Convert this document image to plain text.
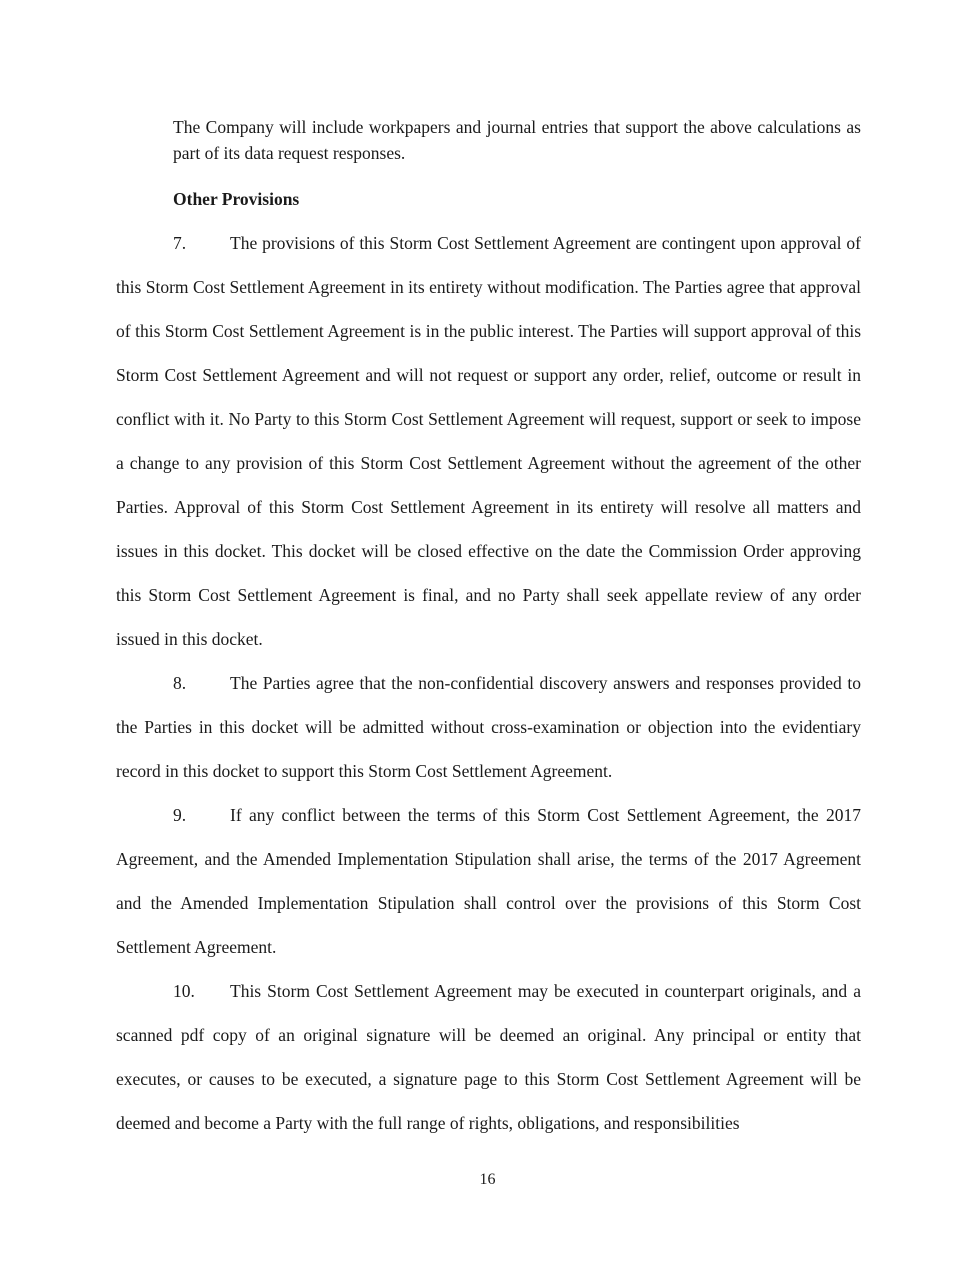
The Company will include workpapers and journal entries that support the above calculations as part of its data request responses.

Other Provisions

7.	The provisions of this Storm Cost Settlement Agreement are contingent upon approval of this Storm Cost Settlement Agreement in its entirety without modification. The Parties agree that approval of this Storm Cost Settlement Agreement is in the public interest. The Parties will support approval of this Storm Cost Settlement Agreement and will not request or support any order, relief, outcome or result in conflict with it. No Party to this Storm Cost Settlement Agreement will request, support or seek to impose a change to any provision of this Storm Cost Settlement Agreement without the agreement of the other Parties. Approval of this Storm Cost Settlement Agreement in its entirety will resolve all matters and issues in this docket. This docket will be closed effective on the date the Commission Order approving this Storm Cost Settlement Agreement is final, and no Party shall seek appellate review of any order issued in this docket.

8.	The Parties agree that the non-confidential discovery answers and responses provided to the Parties in this docket will be admitted without cross-examination or objection into the evidentiary record in this docket to support this Storm Cost Settlement Agreement.

9.	If any conflict between the terms of this Storm Cost Settlement Agreement, the 2017 Agreement, and the Amended Implementation Stipulation shall arise, the terms of the 2017 Agreement and the Amended Implementation Stipulation shall control over the provisions of this Storm Cost Settlement Agreement.

10. This Storm Cost Settlement Agreement may be executed in counterpart originals, and a scanned pdf copy of an original signature will be deemed an original. Any principal or entity that executes, or causes to be executed, a signature page to this Storm Cost Settlement Agreement will be deemed and become a Party with the full range of rights, obligations, and responsibilities

16
